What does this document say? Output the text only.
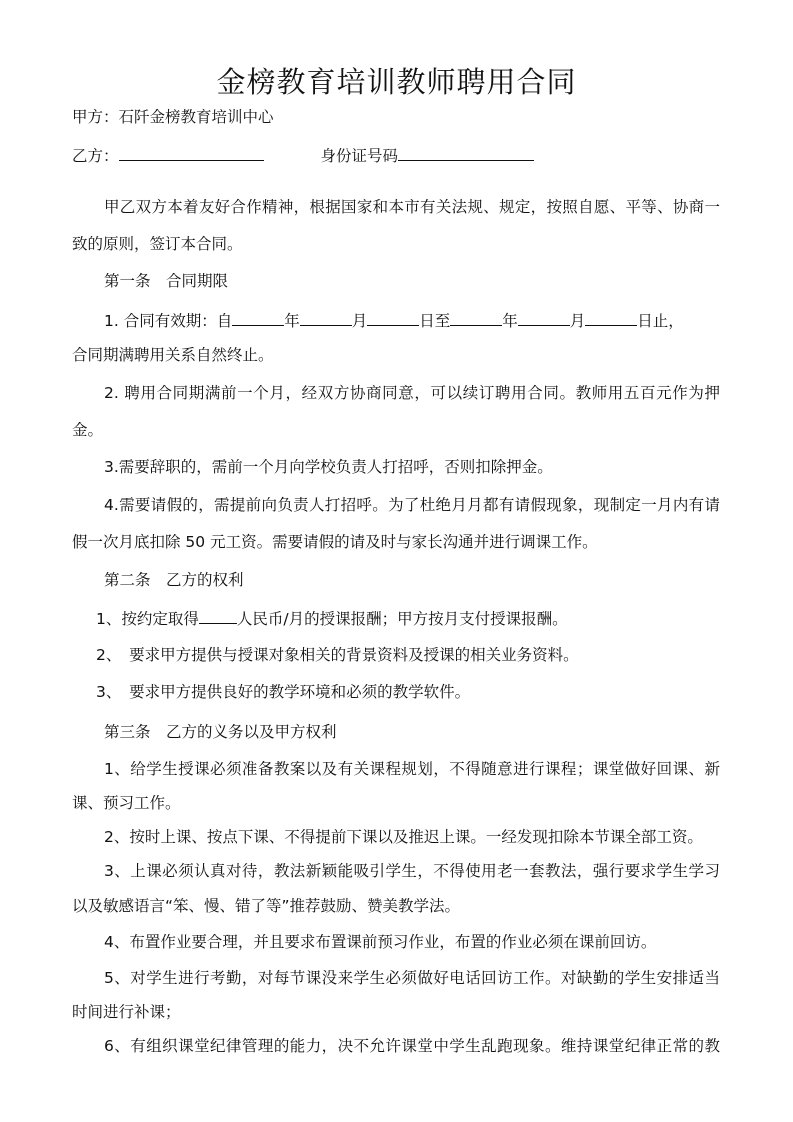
金榜教育培训教师聘用合同
甲方：石阡金榜教育培训中心
乙方：	身份证号码
甲乙双方本着友好合作精神，根据国家和本市有关法规、规定，按照自愿、平等、协商一
致的原则，签订本合同。
第一条　合同期限
1. 合同有效期：自	年	月	日至	年	月	日止，
合同期满聘用关系自然终止。
2. 聘用合同期满前一个月，经双方协商同意，可以续订聘用合同。教师用五百元作为押
金。
3.需要辞职的，需前一个月向学校负责人打招呼，否则扣除押金。
4.需要请假的，需提前向负责人打招呼。为了杜绝月月都有请假现象，现制定一月内有请
假一次月底扣除 50 元工资。需要请假的请及时与家长沟通并进行调课工作。
第二条　乙方的权利
1、按约定取得 人民币/月的授课报酬；甲方按月支付授课报酬。
2、　要求甲方提供与授课对象相关的背景资料及授课的相关业务资料。
3、　要求甲方提供良好的教学环境和必须的教学软件。
第三条　乙方的义务以及甲方权利
1、给学生授课必须准备教案以及有关课程规划，不得随意进行课程；课堂做好回课、新
课、预习工作。
2、按时上课、按点下课、不得提前下课以及推迟上课。一经发现扣除本节课全部工资。
3、上课必须认真对待，教法新颖能吸引学生，不得使用老一套教法，强行要求学生学习
以及敏感语言“笨、慢、错了等”推荐鼓励、赞美教学法。
4、布置作业要合理，并且要求布置课前预习作业，布置的作业必须在课前回访。
5、对学生进行考勤，对每节课没来学生必须做好电话回访工作。对缺勤的学生安排适当
时间进行补课；
6、有组织课堂纪律管理的能力，决不允许课堂中学生乱跑现象。维持课堂纪律正常的教
